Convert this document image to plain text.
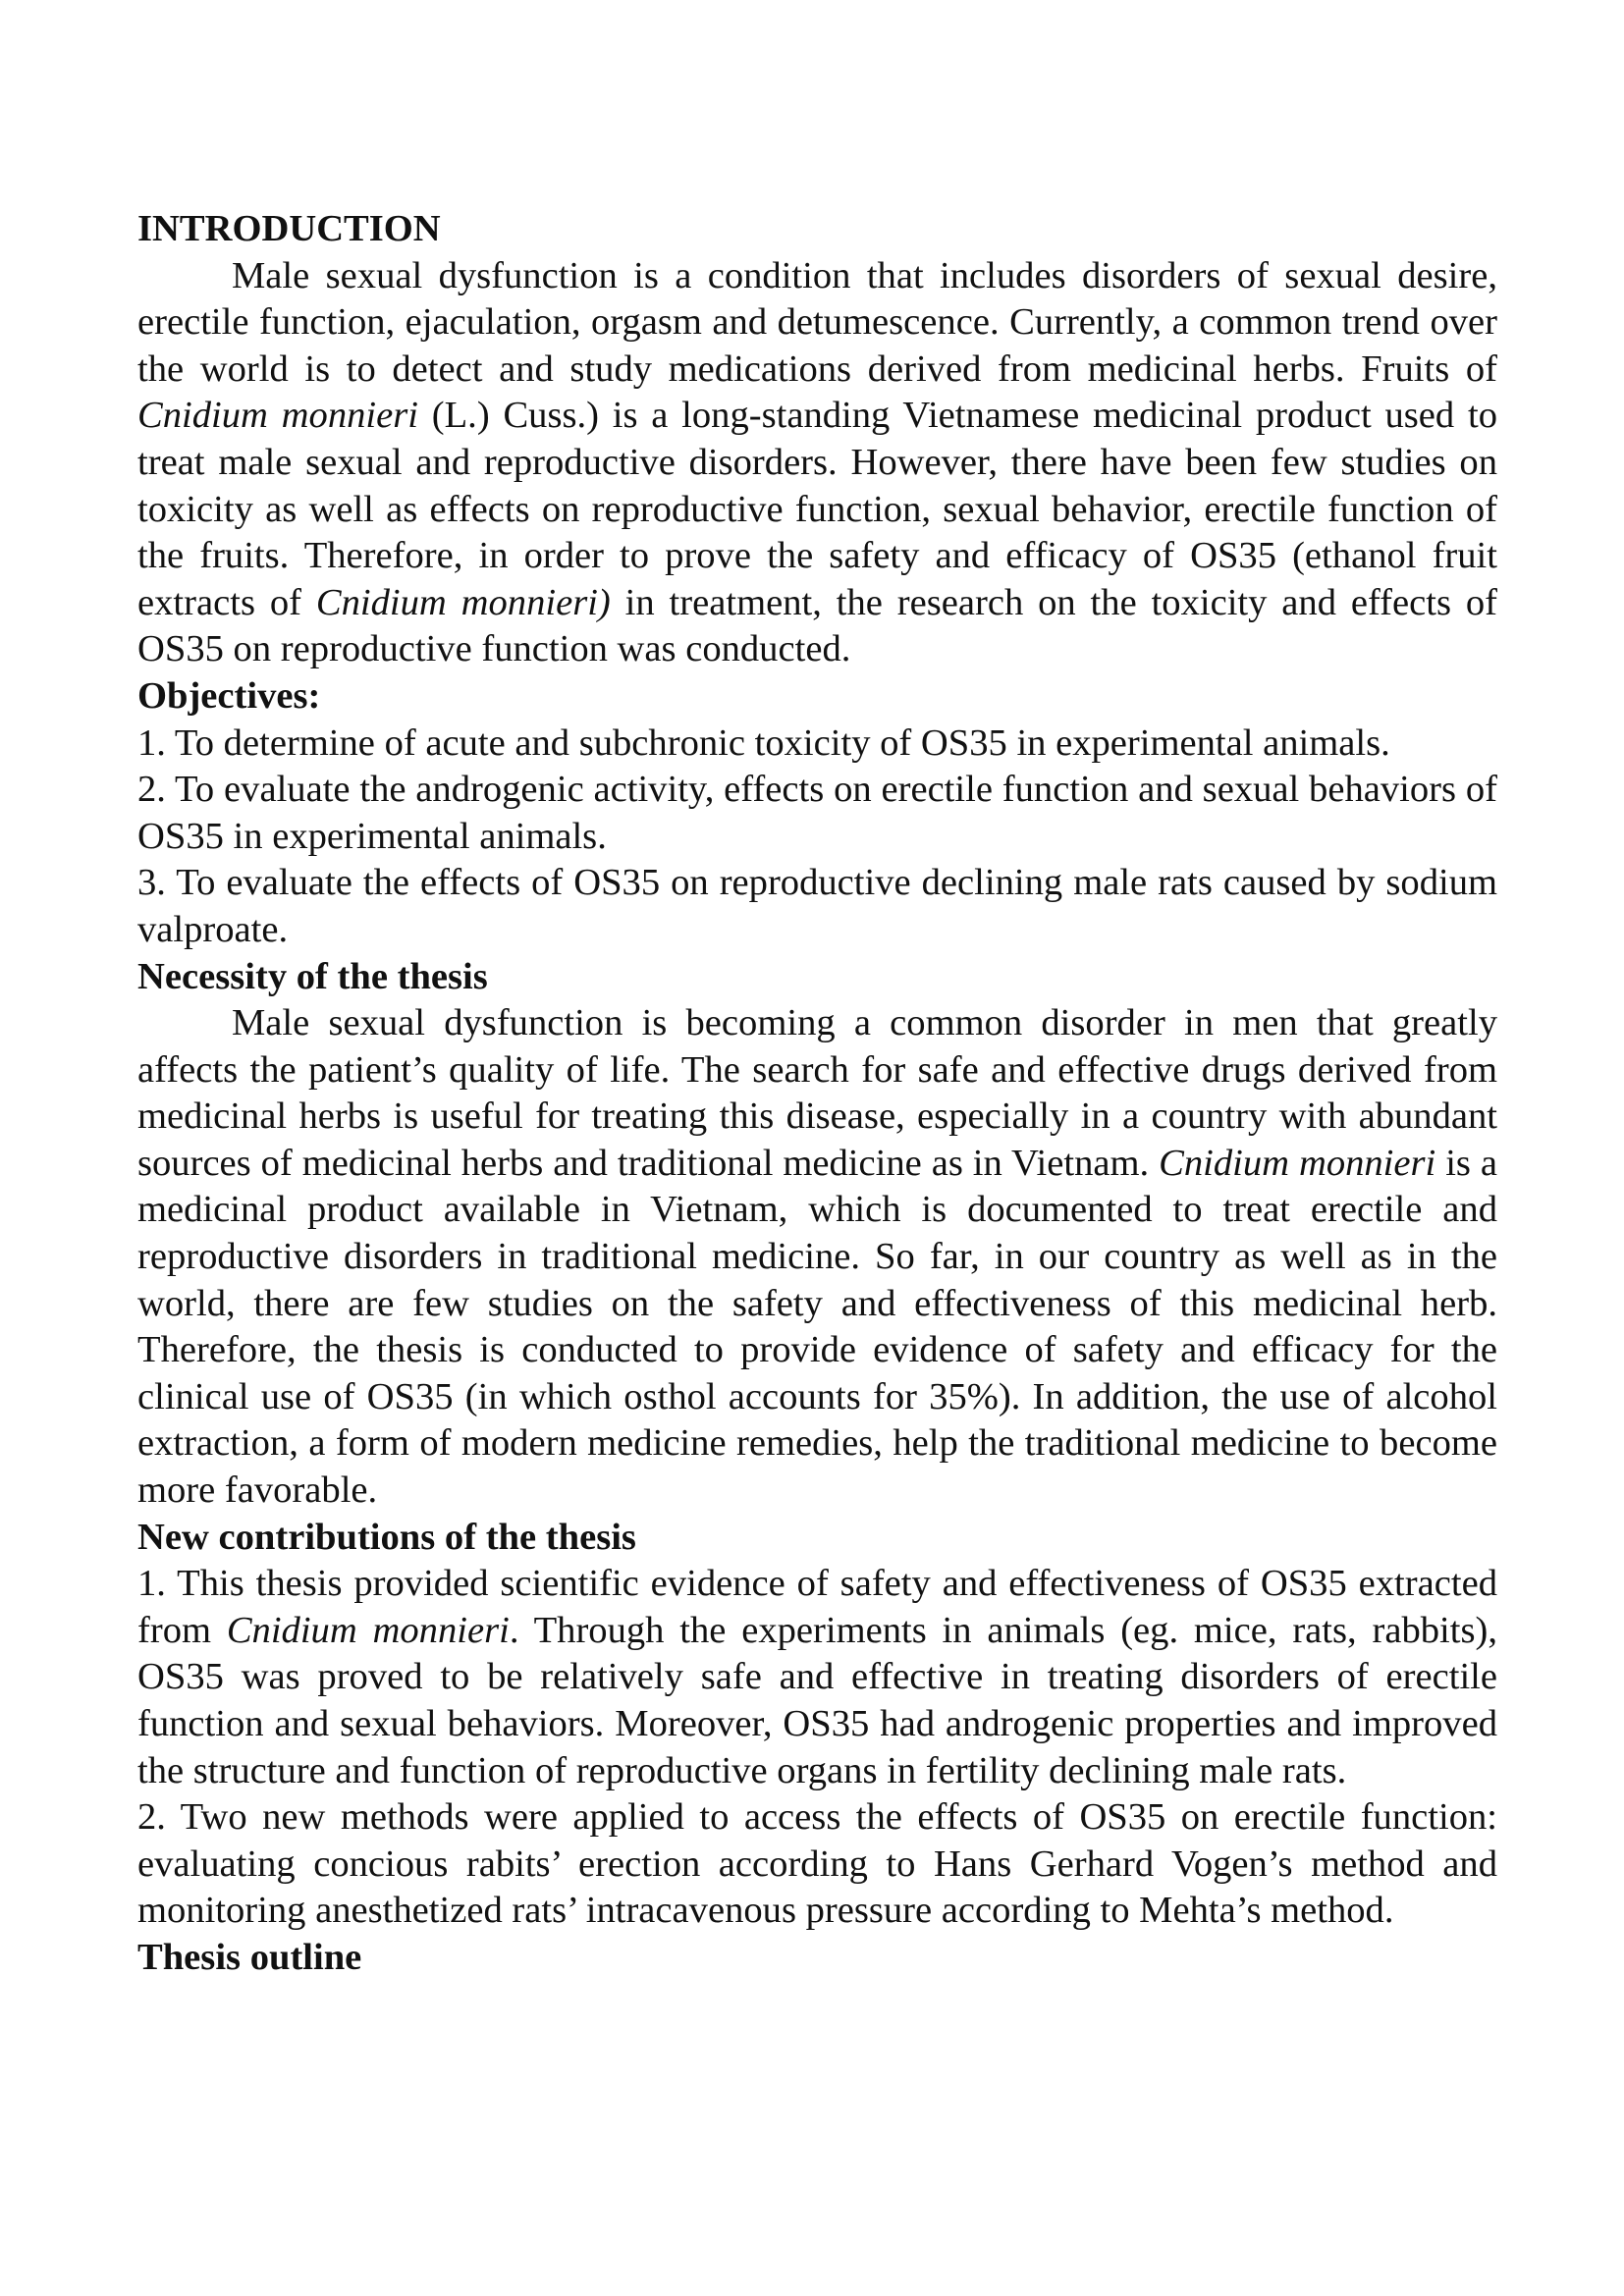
INTRODUCTION

Male sexual dysfunction is a condition that includes disorders of sexual desire, erectile function, ejaculation, orgasm and detumescence. Currently, a common trend over the world is to detect and study medications derived from medicinal herbs. Fruits of Cnidium monnieri (L.) Cuss.) is a long-standing Vietnamese medicinal product used to treat male sexual and reproductive disorders. However, there have been few studies on toxicity as well as effects on reproductive function, sexual behavior, erectile function of the fruits. Therefore, in order to prove the safety and efficacy of OS35 (ethanol fruit extracts of Cnidium monnieri) in treatment, the research on the toxicity and effects of OS35 on reproductive function was conducted.

Objectives:

1. To determine of acute and subchronic toxicity of OS35 in experimental animals.

2. To evaluate the androgenic activity, effects on erectile function and sexual behaviors of OS35 in experimental animals.

3. To evaluate the effects of OS35 on reproductive declining male rats caused by sodium valproate.

Necessity of the thesis

Male sexual dysfunction is becoming a common disorder in men that greatly affects the patient’s quality of life. The search for safe and effective drugs derived from medicinal herbs is useful for treating this disease, especially in a country with abundant sources of medicinal herbs and traditional medicine as in Vietnam. Cnidium monnieri is a medicinal product available in Vietnam, which is documented to treat erectile and reproductive disorders in traditional medicine. So far, in our country as well as in the world, there are few studies on the safety and effectiveness of this medicinal herb. Therefore, the thesis is conducted to provide evidence of safety and efficacy for the clinical use of OS35 (in which osthol accounts for 35%). In addition, the use of alcohol extraction, a form of modern medicine remedies, help the traditional medicine to become more favorable.

New contributions of the thesis

1. This thesis provided scientific evidence of safety and effectiveness of OS35 extracted from Cnidium monnieri. Through the experiments in animals (eg. mice, rats, rabbits), OS35 was proved to be relatively safe and effective in treating disorders of erectile function and sexual behaviors. Moreover, OS35 had androgenic properties and improved the structure and function of reproductive organs in fertility declining male rats.

2. Two new methods were applied to access the effects of OS35 on erectile function: evaluating concious rabits’ erection according to Hans Gerhard Vogen’s method and monitoring anesthetized rats’ intracavenous pressure according to Mehta’s method.

Thesis outline
